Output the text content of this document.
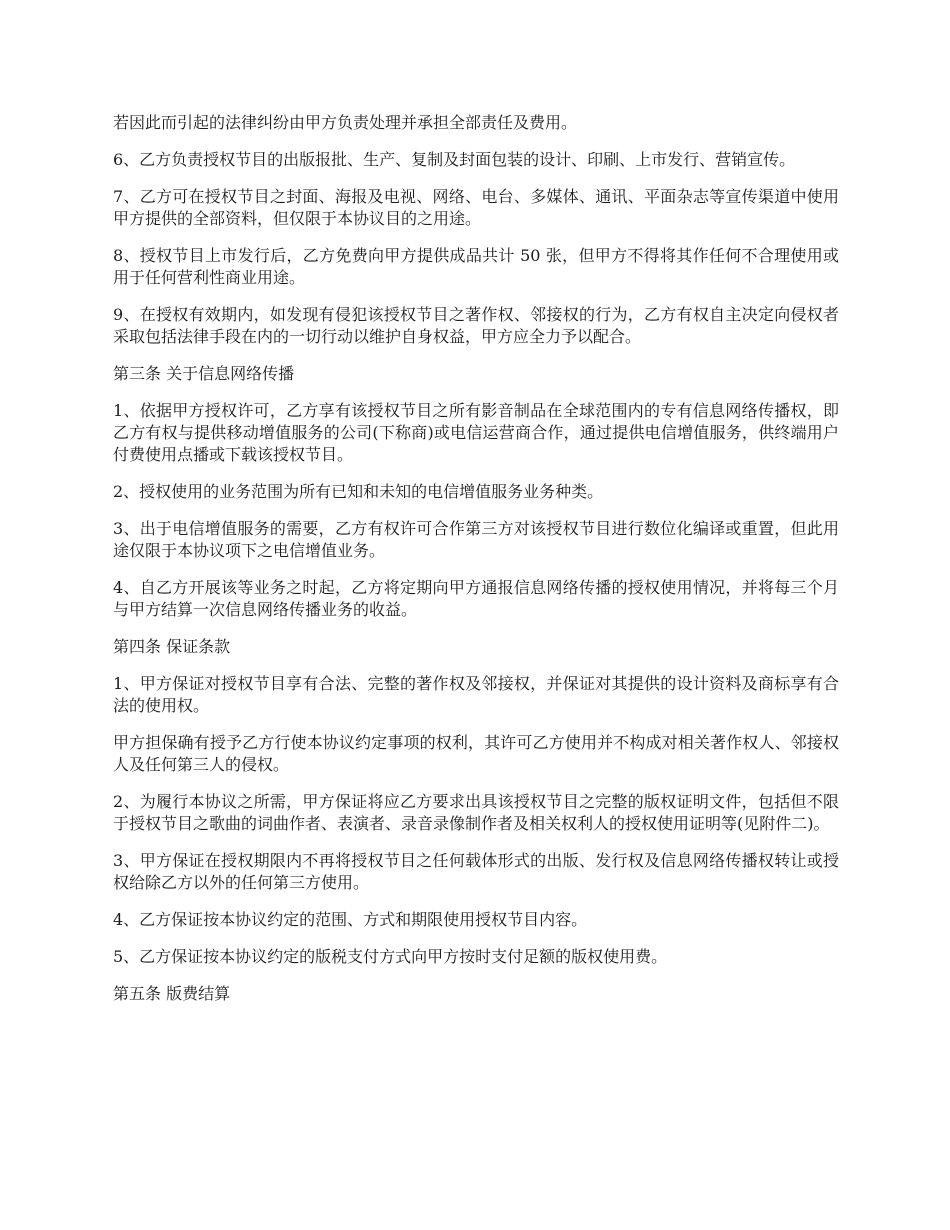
若因此而引起的法律纠纷由甲方负责处理并承担全部责任及费用。

6、乙方负责授权节目的出版报批、生产、复制及封面包装的设计、印刷、上市发行、营销宣传。

7、乙方可在授权节目之封面、海报及电视、网络、电台、多媒体、通讯、平面杂志等宣传渠道中使用甲方提供的全部资料，但仅限于本协议目的之用途。

8、授权节目上市发行后，乙方免费向甲方提供成品共计 50 张，但甲方不得将其作任何不合理使用或用于任何营利性商业用途。

9、在授权有效期内，如发现有侵犯该授权节目之著作权、邻接权的行为，乙方有权自主决定向侵权者采取包括法律手段在内的一切行动以维护自身权益，甲方应全力予以配合。

第三条 关于信息网络传播

1、依据甲方授权许可，乙方享有该授权节目之所有影音制品在全球范围内的专有信息网络传播权，即乙方有权与提供移动增值服务的公司(下称商)或电信运营商合作，通过提供电信增值服务，供终端用户付费使用点播或下载该授权节目。

2、授权使用的业务范围为所有已知和未知的电信增值服务业务种类。

3、出于电信增值服务的需要，乙方有权许可合作第三方对该授权节目进行数位化编译或重置，但此用途仅限于本协议项下之电信增值业务。

4、自乙方开展该等业务之时起，乙方将定期向甲方通报信息网络传播的授权使用情况，并将每三个月与甲方结算一次信息网络传播业务的收益。

第四条 保证条款

1、甲方保证对授权节目享有合法、完整的著作权及邻接权，并保证对其提供的设计资料及商标享有合法的使用权。

甲方担保确有授予乙方行使本协议约定事项的权利，其许可乙方使用并不构成对相关著作权人、邻接权人及任何第三人的侵权。

2、为履行本协议之所需，甲方保证将应乙方要求出具该授权节目之完整的版权证明文件，包括但不限于授权节目之歌曲的词曲作者、表演者、录音录像制作者及相关权利人的授权使用证明等(见附件二)。

3、甲方保证在授权期限内不再将授权节目之任何载体形式的出版、发行权及信息网络传播权转让或授权给除乙方以外的任何第三方使用。

4、乙方保证按本协议约定的范围、方式和期限使用授权节目内容。

5、乙方保证按本协议约定的版税支付方式向甲方按时支付足额的版权使用费。

第五条 版费结算
